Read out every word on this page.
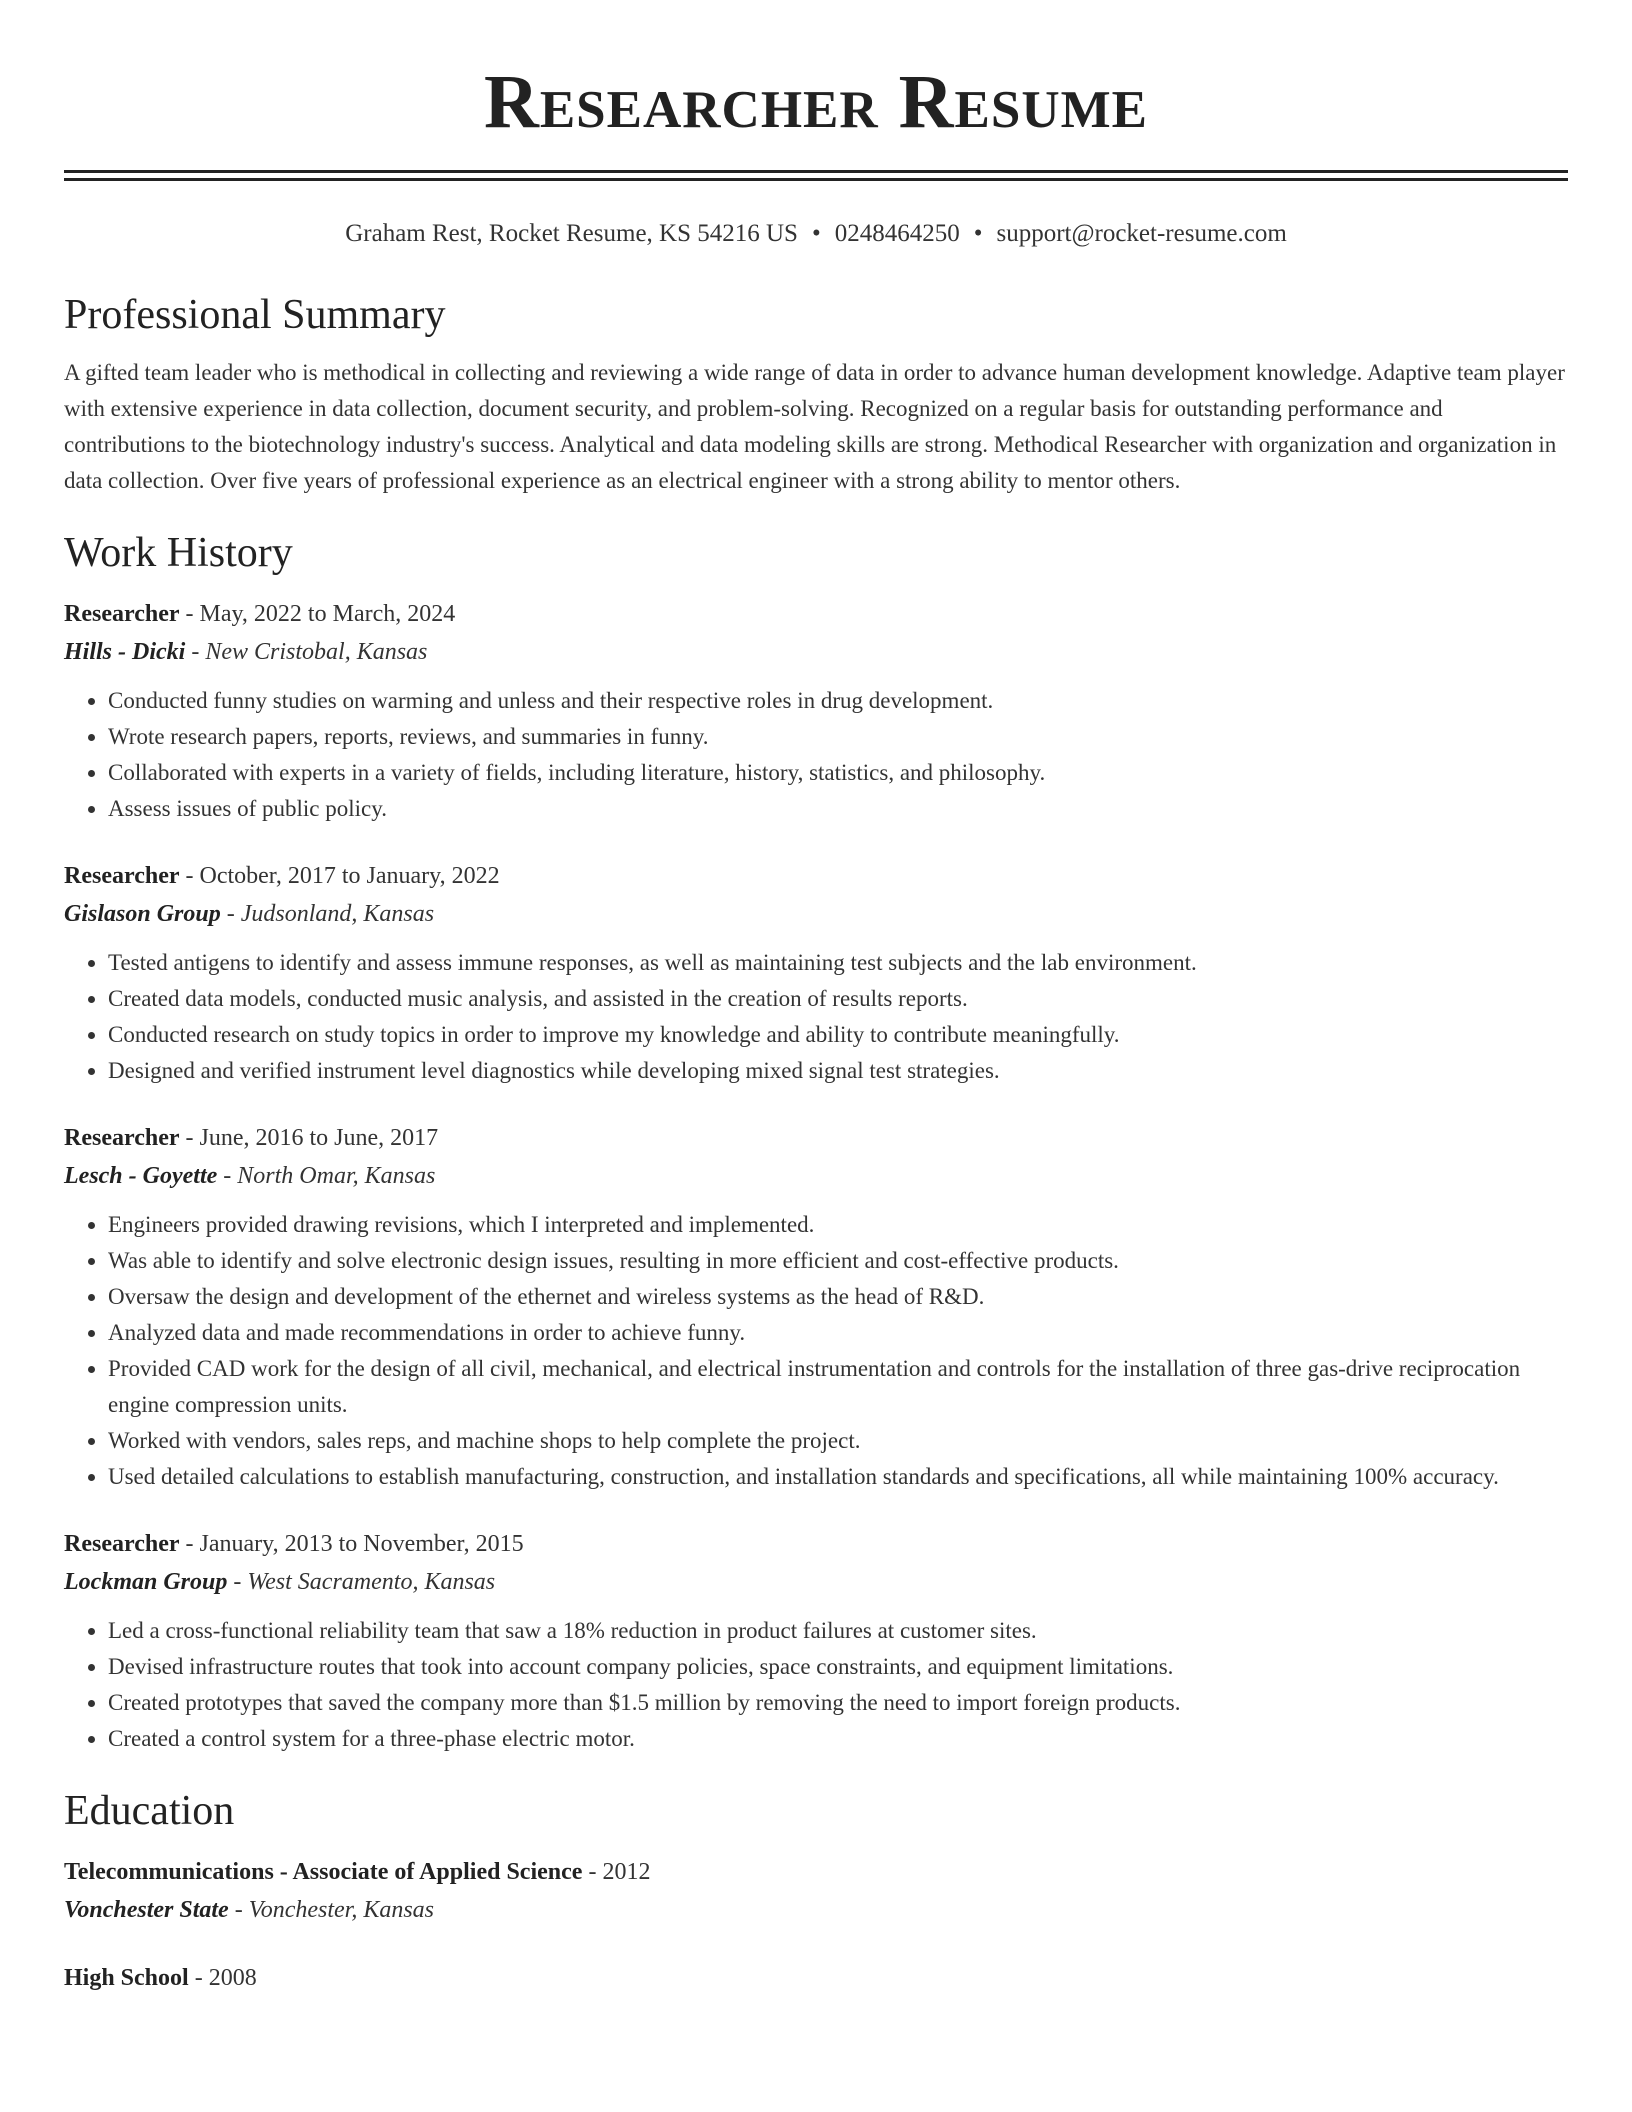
Researcher Resume
Graham Rest, Rocket Resume, KS 54216 US • 0248464250 • support@rocket-resume.com
Professional Summary

A gifted team leader who is methodical in collecting and reviewing a wide range of data in order to advance human development knowledge. Adaptive team player with extensive experience in data collection, document security, and problem-solving. Recognized on a regular basis for outstanding performance and contributions to the biotechnology industry's success. Analytical and data modeling skills are strong. Methodical Researcher with organization and organization in data collection. Over five years of professional experience as an electrical engineer with a strong ability to mentor others.

Work History
Researcher - May, 2022 to March, 2024
Hills - Dicki - New Cristobal, Kansas
• Conducted funny studies on warming and unless and their respective roles in drug development.
• Wrote research papers, reports, reviews, and summaries in funny.
• Collaborated with experts in a variety of fields, including literature, history, statistics, and philosophy.
• Assess issues of public policy.
Researcher - October, 2017 to January, 2022
Gislason Group - Judsonland, Kansas
• Tested antigens to identify and assess immune responses, as well as maintaining test subjects and the lab environment.
• Created data models, conducted music analysis, and assisted in the creation of results reports.
• Conducted research on study topics in order to improve my knowledge and ability to contribute meaningfully.
• Designed and verified instrument level diagnostics while developing mixed signal test strategies.
Researcher - June, 2016 to June, 2017
Lesch - Goyette - North Omar, Kansas
• Engineers provided drawing revisions, which I interpreted and implemented.
• Was able to identify and solve electronic design issues, resulting in more efficient and cost-effective products.
• Oversaw the design and development of the ethernet and wireless systems as the head of R&D.
• Analyzed data and made recommendations in order to achieve funny.
• Provided CAD work for the design of all civil, mechanical, and electrical instrumentation and controls for the installation of three gas-drive reciprocation engine compression units.
• Worked with vendors, sales reps, and machine shops to help complete the project.
• Used detailed calculations to establish manufacturing, construction, and installation standards and specifications, all while maintaining 100% accuracy.
Researcher - January, 2013 to November, 2015
Lockman Group - West Sacramento, Kansas
• Led a cross-functional reliability team that saw a 18% reduction in product failures at customer sites.
• Devised infrastructure routes that took into account company policies, space constraints, and equipment limitations.
• Created prototypes that saved the company more than $1.5 million by removing the need to import foreign products.
• Created a control system for a three-phase electric motor.
Education
Telecommunications - Associate of Applied Science - 2012
Vonchester State - Vonchester, Kansas
High School - 2008
